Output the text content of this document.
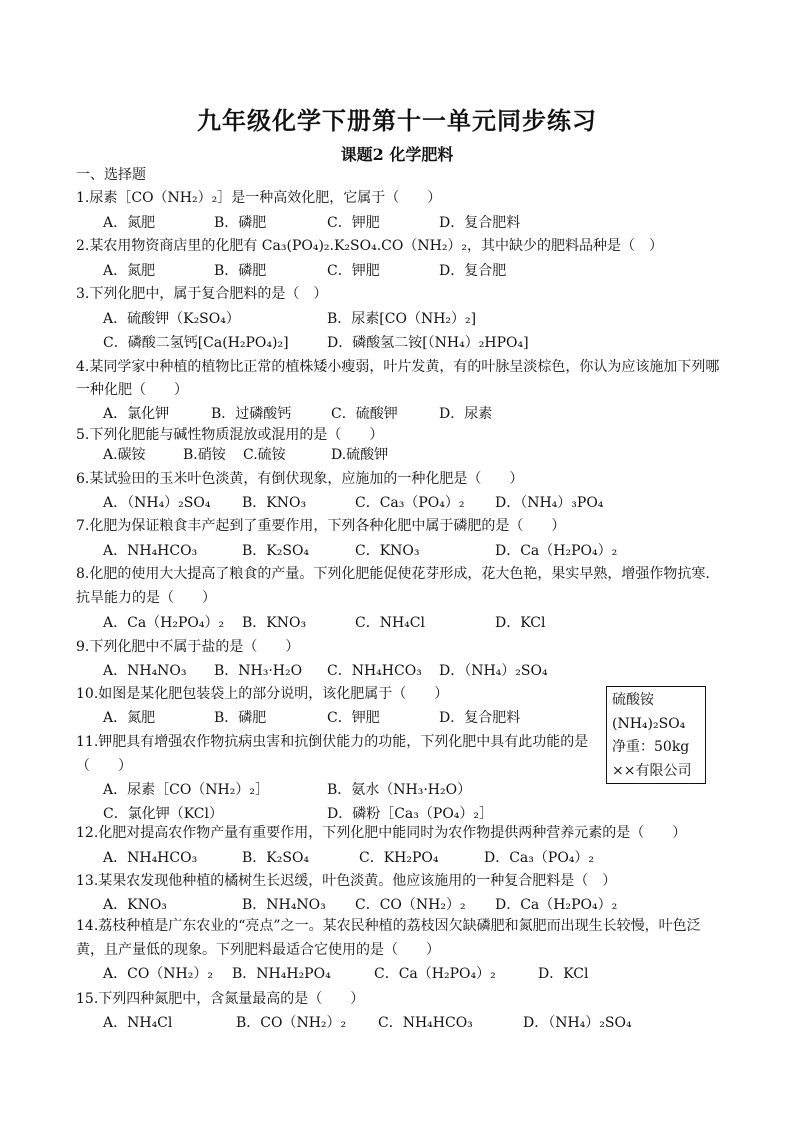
九年级化学下册第十一单元同步练习
课题2 化学肥料
一、选择题
1.尿素［CO（NH₂）₂］是一种高效化肥，它属于（　　）
A．氮肥	B．磷肥	C．钾肥	D．复合肥料
2.某农用物资商店里的化肥有 Ca₃(PO₄)₂.K₂SO₄.CO（NH₂）₂，其中缺少的肥料品种是（　）
A．氮肥	B．磷肥	C．钾肥	D．复合肥
3.下列化肥中，属于复合肥料的是（　）
A．硫酸钾（K₂SO₄）	B．尿素[CO（NH₂）₂]
C．磷酸二氢钙[Ca(H₂PO₄)₂]	D．磷酸氢二铵[（NH₄）₂HPO₄]
4.某同学家中种植的植物比正常的植株矮小瘦弱，叶片发黄，有的叶脉呈淡棕色，你认为应该施加下列哪
一种化肥（　　）
A．氯化钾	B．过磷酸钙	C．硫酸钾	D．尿素
5.下列化肥能与碱性物质混放或混用的是（　　）
A.碳铵	B.硝铵 C.硫铵	D.硫酸钾
6.某试验田的玉米叶色淡黄，有倒伏现象，应施加的一种化肥是（　　）
A．（NH₄）₂SO₄ B．KNO₃	C．Ca₃（PO₄）₂ D．（NH₄）₃PO₄
7.化肥为保证粮食丰产起到了重要作用，下列各种化肥中属于磷肥的是（　　）
A．NH₄HCO₃	B．K₂SO₄	C．KNO₃	D．Ca（H₂PO₄）₂
8.化肥的使用大大提高了粮食的产量。下列化肥能促使花芽形成，花大色艳，果实早熟，增强作物抗寒.
抗旱能力的是（　　）
A．Ca（H₂PO₄）₂ B．KNO₃	C．NH₄Cl	D．KCl
9.下列化肥中不属于盐的是（　　）
A．NH₄NO₃ B．NH₃·H₂O C．NH₄HCO₃ D．（NH₄）₂SO₄
10.如图是某化肥包装袋上的部分说明，该化肥属于（　　）
A．氮肥	B．磷肥	C．钾肥	D．复合肥料
11.钾肥具有增强农作物抗病虫害和抗倒伏能力的功能，下列化肥中具有此功能的是
（　　）
A．尿素［CO（NH₂）₂］	B．氨水（NH₃·H₂O）
C．氯化钾（KCl）	D．磷粉［Ca₃（PO₄）₂］
12.化肥对提高农作物产量有重要作用，下列化肥中能同时为农作物提供两种营养元素的是（　　）
A．NH₄HCO₃	B．K₂SO₄	C．KH₂PO₄	D．Ca₃（PO₄）₂
13.某果农发现他种植的橘树生长迟缓，叶色淡黄。他应该施用的一种复合肥料是（　）
A．KNO₃	B．NH₄NO₃ C．CO（NH₂）₂ D．Ca（H₂PO₄）₂
14.荔枝种植是广东农业的“亮点”之一。某农民种植的荔枝因欠缺磷肥和氮肥而出现生长较慢，叶色泛
黄，且产量低的现象。下列肥料最适合它使用的是（　　）
A．CO（NH₂）₂ B．NH₄H₂PO₄	C．Ca（H₂PO₄）₂	D．KCl
15.下列四种氮肥中，含氮量最高的是（　　）
A．NH₄Cl	B．CO（NH₂）₂ C．NH₄HCO₃	D．（NH₄）₂SO₄
硫酸铵
(NH₄)₂SO₄
净重：50kg
××有限公司
